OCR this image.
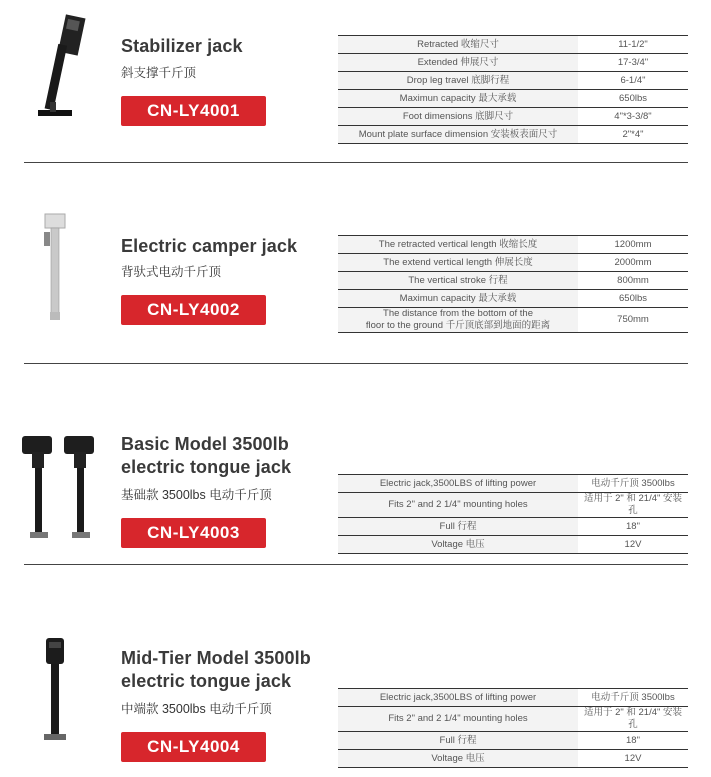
Stabilizer jack
斜支撑千斤顶
CN-LY4001
Retracted 收缩尺寸	11-1/2"
Extended 伸展尺寸	17-3/4"
Drop leg travel 底脚行程	6-1/4"
Maximun capacity 最大承载	650lbs
Foot dimensions 底脚尺寸	4"*3-3/8"
Mount plate surface dimension 安装板表面尺寸	2"*4"
Electric camper jack
背驮式电动千斤顶
CN-LY4002
The retracted vertical length 收缩长度	1200mm
The extend vertical length 伸展长度	2000mm
The vertical stroke 行程	800mm
Maximun capacity 最大承载	650lbs
The distance from the bottom of the
floor to the ground 千斤顶底部到地面的距离	750mm
Basic Model 3500lb
electric tongue jack
基础款 3500lbs 电动千斤顶
CN-LY4003
Electric jack,3500LBS of lifting power	电动千斤顶 3500lbs
Fits 2" and 2 1/4" mounting holes	适用于 2" 和 21/4" 安装孔
Full 行程	18"
Voltage 电压	12V
Mid-Tier Model 3500lb
electric tongue jack
中端款 3500lbs 电动千斤顶
CN-LY4004
Electric jack,3500LBS of lifting power	电动千斤顶 3500lbs
Fits 2" and 2 1/4" mounting holes	适用于 2" 和 21/4" 安装孔
Full 行程	18"
Voltage 电压	12V
